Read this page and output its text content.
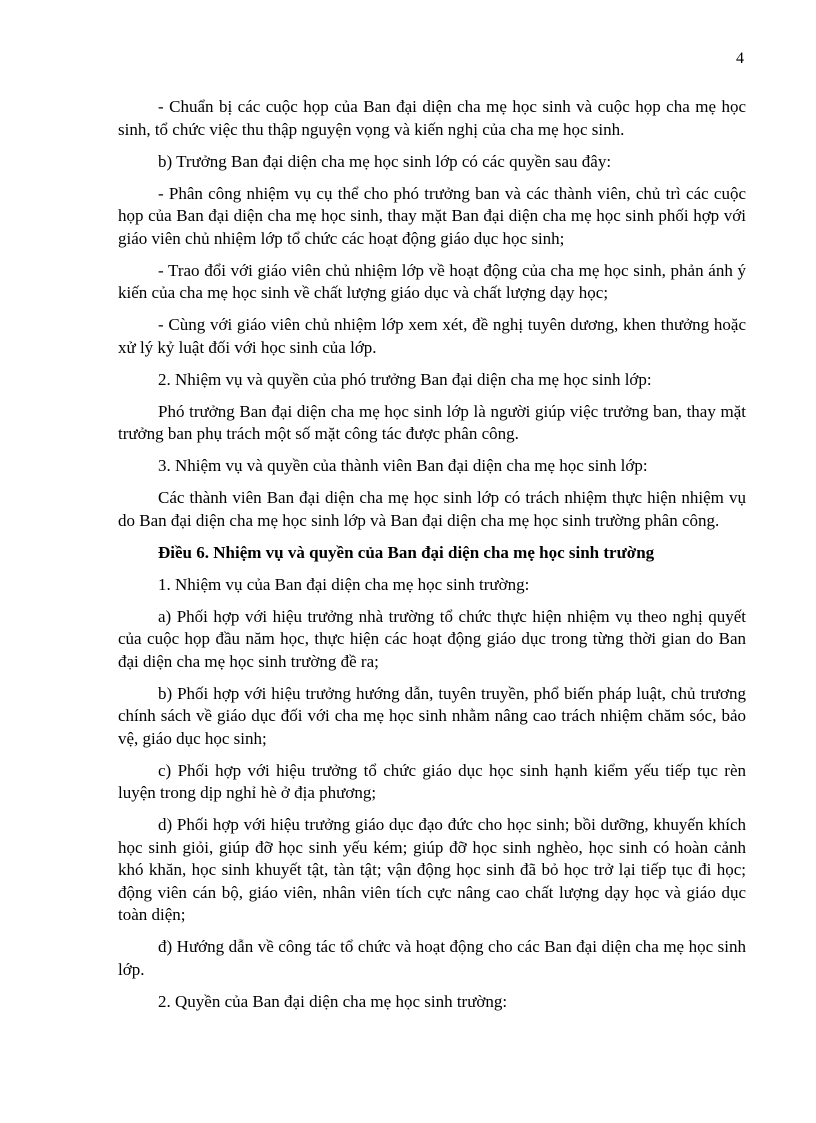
4

- Chuẩn bị các cuộc họp của Ban đại diện cha mẹ học sinh và cuộc họp cha mẹ học sinh, tổ chức việc thu thập nguyện vọng và kiến nghị của cha mẹ học sinh.

b) Trưởng Ban đại diện cha mẹ học sinh lớp có các quyền sau đây:

- Phân công nhiệm vụ cụ thể cho phó trưởng ban và các thành viên, chủ trì các cuộc họp của Ban đại diện cha mẹ học sinh, thay mặt Ban đại diện cha mẹ học sinh phối hợp với giáo viên chủ nhiệm lớp tổ chức các hoạt động giáo dục học sinh;

- Trao đổi với giáo viên chủ nhiệm lớp về hoạt động của cha mẹ học sinh, phản ánh ý kiến của cha mẹ học sinh về chất lượng giáo dục và chất lượng dạy học;

- Cùng với giáo viên chủ nhiệm lớp xem xét, đề nghị tuyên dương, khen thưởng hoặc xử lý kỷ luật đối với học sinh của lớp.

2. Nhiệm vụ và quyền của phó trưởng Ban đại diện cha mẹ học sinh lớp:

Phó trưởng Ban đại diện cha mẹ học sinh lớp là người giúp việc trưởng ban, thay mặt trưởng ban phụ trách một số mặt công tác được phân công.

3. Nhiệm vụ và quyền của thành viên Ban đại diện cha mẹ học sinh lớp:

Các thành viên Ban đại diện cha mẹ học sinh lớp có trách nhiệm thực hiện nhiệm vụ do Ban đại diện cha mẹ học sinh lớp và Ban đại diện cha mẹ học sinh trường phân công.

Điều 6. Nhiệm vụ và quyền của Ban đại diện cha mẹ học sinh trường

1. Nhiệm vụ của Ban đại diện cha mẹ học sinh trường:

a) Phối hợp với hiệu trưởng nhà trường tổ chức thực hiện nhiệm vụ theo nghị quyết của cuộc họp đầu năm học, thực hiện các hoạt động giáo dục trong từng thời gian do Ban đại diện cha mẹ học sinh trường đề ra;

b) Phối hợp với hiệu trưởng hướng dẫn, tuyên truyền, phổ biến pháp luật, chủ trương chính sách về giáo dục đối với cha mẹ học sinh nhằm nâng cao trách nhiệm chăm sóc, bảo vệ, giáo dục học sinh;

c) Phối hợp với hiệu trưởng tổ chức giáo dục học sinh hạnh kiểm yếu tiếp tục rèn luyện trong dịp nghỉ hè ở địa phương;

d) Phối hợp với hiệu trưởng giáo dục đạo đức cho học sinh; bồi dưỡng, khuyến khích học sinh giỏi, giúp đỡ học sinh yếu kém; giúp đỡ học sinh nghèo, học sinh có hoàn cảnh khó khăn, học sinh khuyết tật, tàn tật; vận động học sinh đã bỏ học trở lại tiếp tục đi học; động viên cán bộ, giáo viên, nhân viên tích cực nâng cao chất lượng dạy học và giáo dục toàn diện;

đ) Hướng dẫn về công tác tổ chức và hoạt động cho các Ban đại diện cha mẹ học sinh lớp.

2. Quyền của Ban đại diện cha mẹ học sinh trường:
